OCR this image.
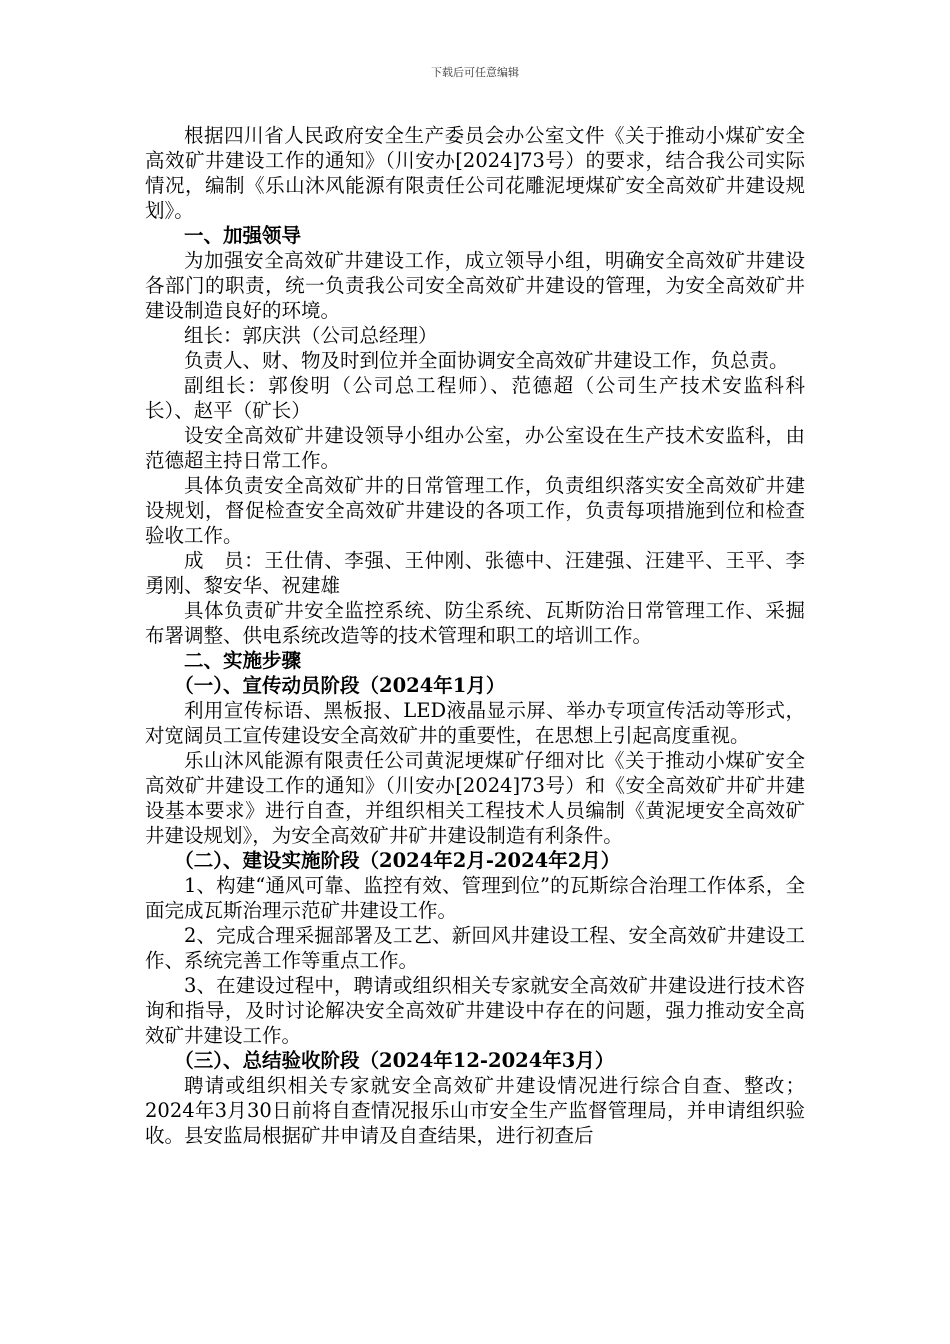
下载后可任意编辑

根据四川省人民政府安全生产委员会办公室文件《关于推动小煤矿安全高效矿井建设工作的通知》（川安办[2024]73号）的要求，结合我公司实际情况，编制《乐山沐风能源有限责任公司花雕泥埂煤矿安全高效矿井建设规划》。

一、加强领导

为加强安全高效矿井建设工作，成立领导小组，明确安全高效矿井建设各部门的职责，统一负责我公司安全高效矿井建设的管理，为安全高效矿井建设制造良好的环境。

组长：郭庆洪（公司总经理）

负责人、财、物及时到位并全面协调安全高效矿井建设工作，负总责。

副组长：郭俊明（公司总工程师）、范德超（公司生产技术安监科科长）、赵平（矿长）

设安全高效矿井建设领导小组办公室，办公室设在生产技术安监科，由范德超主持日常工作。

具体负责安全高效矿井的日常管理工作，负责组织落实安全高效矿井建设规划，督促检查安全高效矿井建设的各项工作，负责每项措施到位和检查验收工作。

成　员：王仕倩、李强、王仲刚、张德中、汪建强、汪建平、王平、李勇刚、黎安华、祝建雄

具体负责矿井安全监控系统、防尘系统、瓦斯防治日常管理工作、采掘布署调整、供电系统改造等的技术管理和职工的培训工作。

二、实施步骤

（一）、宣传动员阶段（2024年1月）

利用宣传标语、黑板报、LED液晶显示屏、举办专项宣传活动等形式，对宽阔员工宣传建设安全高效矿井的重要性，在思想上引起高度重视。

乐山沐风能源有限责任公司黄泥埂煤矿仔细对比《关于推动小煤矿安全高效矿井建设工作的通知》（川安办[2024]73号）和《安全高效矿井矿井建设基本要求》进行自查，并组织相关工程技术人员编制《黄泥埂安全高效矿井建设规划》，为安全高效矿井矿井建设制造有利条件。

（二）、建设实施阶段（2024年2月-2024年2月）

1、构建“通风可靠、监控有效、管理到位”的瓦斯综合治理工作体系，全面完成瓦斯治理示范矿井建设工作。

2、完成合理采掘部署及工艺、新回风井建设工程、安全高效矿井建设工作、系统完善工作等重点工作。

3、在建设过程中，聘请或组织相关专家就安全高效矿井建设进行技术咨询和指导，及时讨论解决安全高效矿井建设中存在的问题，强力推动安全高效矿井建设工作。

（三）、总结验收阶段（2024年12-2024年3月）

聘请或组织相关专家就安全高效矿井建设情况进行综合自查、整改；2024年3月30日前将自查情况报乐山市安全生产监督管理局，并申请组织验收。县安监局根据矿井申请及自查结果，进行初查后
